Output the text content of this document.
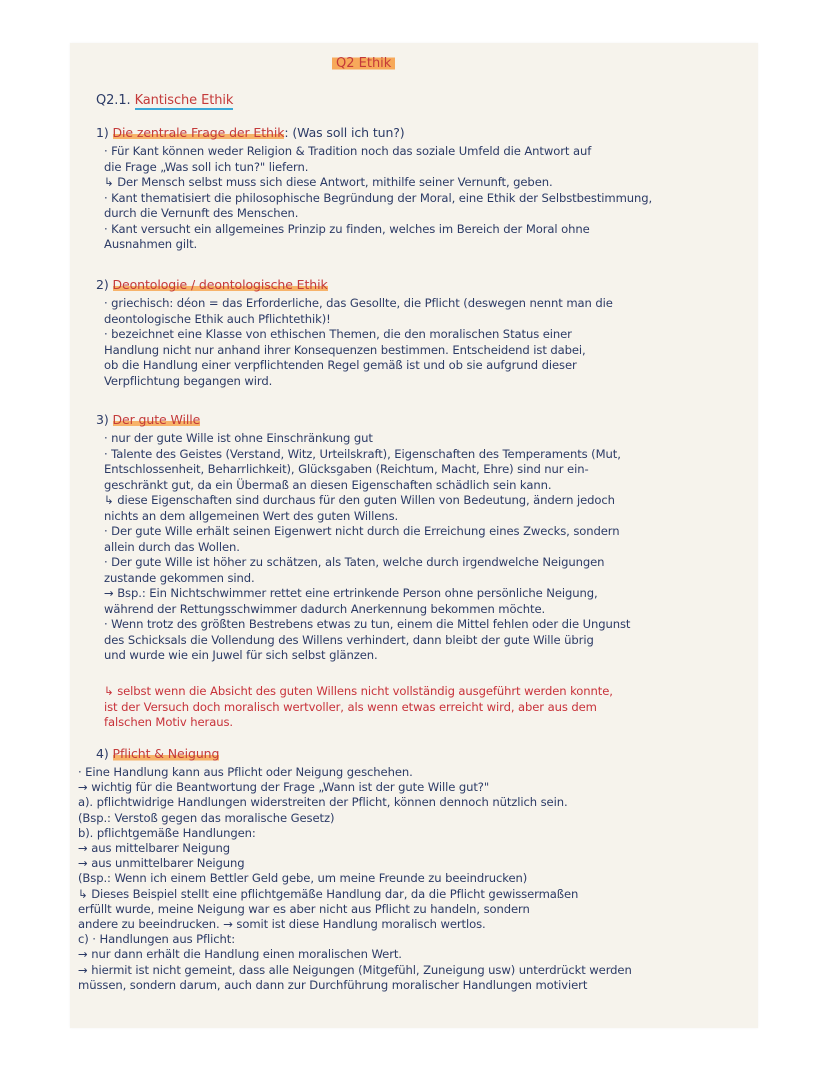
Q2 Ethik
Q2.1. Kantische Ethik
1) Die zentrale Frage der Ethik: (Was soll ich tun?)
· Für Kant können weder Religion & Tradition noch das soziale Umfeld die Antwort auf
die Frage „Was soll ich tun?" liefern.
↳ Der Mensch selbst muss sich diese Antwort, mithilfe seiner Vernunft, geben.
· Kant thematisiert die philosophische Begründung der Moral, eine Ethik der Selbstbestimmung,
durch die Vernunft des Menschen.
· Kant versucht ein allgemeines Prinzip zu finden, welches im Bereich der Moral ohne
Ausnahmen gilt.
2) Deontologie / deontologische Ethik
· griechisch: déon = das Erforderliche, das Gesollte, die Pflicht (deswegen nennt man die
deontologische Ethik auch Pflichtethik)!
· bezeichnet eine Klasse von ethischen Themen, die den moralischen Status einer
Handlung nicht nur anhand ihrer Konsequenzen bestimmen. Entscheidend ist dabei,
ob die Handlung einer verpflichtenden Regel gemäß ist und ob sie aufgrund dieser
Verpflichtung begangen wird.
3) Der gute Wille
· nur der gute Wille ist ohne Einschränkung gut
· Talente des Geistes (Verstand, Witz, Urteilskraft), Eigenschaften des Temperaments (Mut,
Entschlossenheit, Beharrlichkeit), Glücksgaben (Reichtum, Macht, Ehre) sind nur ein-
geschränkt gut, da ein Übermaß an diesen Eigenschaften schädlich sein kann.
↳ diese Eigenschaften sind durchaus für den guten Willen von Bedeutung, ändern jedoch
nichts an dem allgemeinen Wert des guten Willens.
· Der gute Wille erhält seinen Eigenwert nicht durch die Erreichung eines Zwecks, sondern
allein durch das Wollen.
· Der gute Wille ist höher zu schätzen, als Taten, welche durch irgendwelche Neigungen
zustande gekommen sind.
→ Bsp.: Ein Nichtschwimmer rettet eine ertrinkende Person ohne persönliche Neigung,
während der Rettungsschwimmer dadurch Anerkennung bekommen möchte.
· Wenn trotz des größten Bestrebens etwas zu tun, einem die Mittel fehlen oder die Ungunst
des Schicksals die Vollendung des Willens verhindert, dann bleibt der gute Wille übrig
und wurde wie ein Juwel für sich selbst glänzen.
↳ selbst wenn die Absicht des guten Willens nicht vollständig ausgeführt werden konnte,
ist der Versuch doch moralisch wertvoller, als wenn etwas erreicht wird, aber aus dem
falschen Motiv heraus.
4) Pflicht & Neigung
· Eine Handlung kann aus Pflicht oder Neigung geschehen.
→ wichtig für die Beantwortung der Frage „Wann ist der gute Wille gut?"
a). pflichtwidrige Handlungen widerstreiten der Pflicht, können dennoch nützlich sein.
(Bsp.: Verstoß gegen das moralische Gesetz)
b). pflichtgemäße Handlungen:
→ aus mittelbarer Neigung
→ aus unmittelbarer Neigung
(Bsp.: Wenn ich einem Bettler Geld gebe, um meine Freunde zu beeindrucken)
↳ Dieses Beispiel stellt eine pflichtgemäße Handlung dar, da die Pflicht gewissermaßen
erfüllt wurde, meine Neigung war es aber nicht aus Pflicht zu handeln, sondern
andere zu beeindrucken. → somit ist diese Handlung moralisch wertlos.
c) · Handlungen aus Pflicht:
→ nur dann erhält die Handlung einen moralischen Wert.
→ hiermit ist nicht gemeint, dass alle Neigungen (Mitgefühl, Zuneigung usw) unterdrückt werden
müssen, sondern darum, auch dann zur Durchführung moralischer Handlungen motiviert
